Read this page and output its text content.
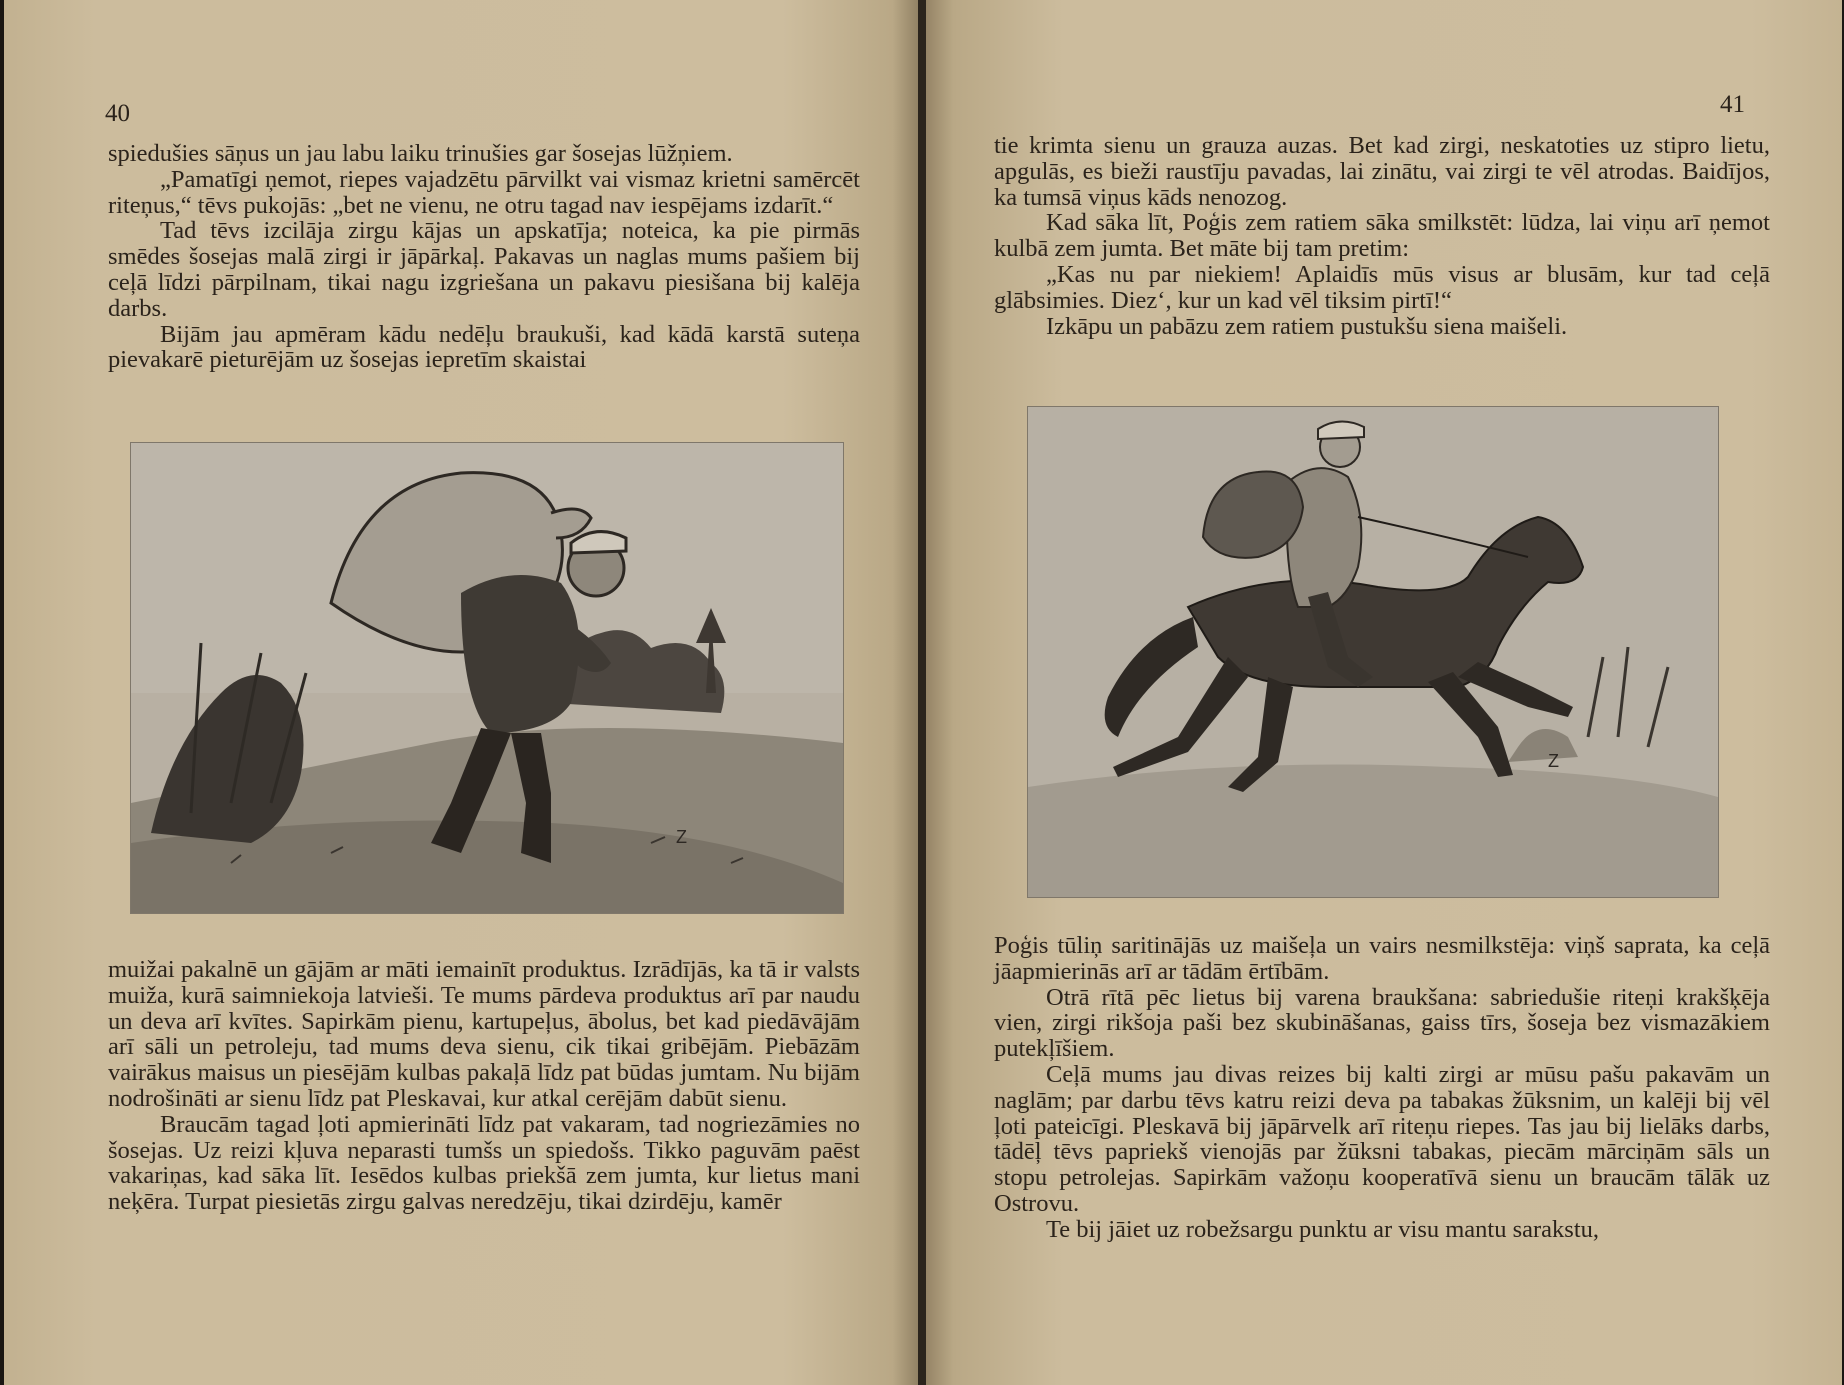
40

spiedušies sāņus un jau labu laiku trinušies gar šosejas lūžņiem.

„Pamatīgi ņemot, riepes vajadzētu pārvilkt vai vismaz krietni samērcēt riteņus,“ tēvs pukojās: „bet ne vienu, ne otru tagad nav iespējams izdarīt.“

Tad tēvs izcilāja zirgu kājas un apskatīja; noteica, ka pie pirmās smēdes šosejas malā zirgi ir jāpārkaļ. Pakavas un naglas mums pašiem bij ceļā līdzi pārpilnam, tikai nagu izgriešana un pakavu piesišana bij kalēja darbs.

Bijām jau apmēram kādu nedēļu braukuši, kad kādā karstā suteņa pievakarē pieturējām uz šosejas iepretīm skaistai

Z

muižai pakalnē un gājām ar māti iemainīt produktus. Izrādījās, ka tā ir valsts muiža, kurā saimniekoja latvieši. Te mums pārdeva produktus arī par naudu un deva arī kvītes. Sapirkām pienu, kartupeļus, ābolus, bet kad piedāvājām arī sāli un petroleju, tad mums deva sienu, cik tikai gribējām. Piebāzām vairākus maisus un piesējām kulbas pakaļā līdz pat būdas jumtam. Nu bijām nodrošināti ar sienu līdz pat Pleskavai, kur atkal cerējām dabūt sienu.

Braucām tagad ļoti apmierināti līdz pat vakaram, tad nogriezāmies no šosejas. Uz reizi kļuva neparasti tumšs un spiedošs. Tikko paguvām paēst vakariņas, kad sāka līt. Iesēdos kulbas priekšā zem jumta, kur lietus mani neķēra. Turpat piesietās zirgu galvas neredzēju, tikai dzirdēju, kamēr

41

tie krimta sienu un grauza auzas. Bet kad zirgi, neskatoties uz stipro lietu, apgulās, es bieži raustīju pavadas, lai zinātu, vai zirgi te vēl atrodas. Baidījos, ka tumsā viņus kāds nenozog.

Kad sāka līt, Poģis zem ratiem sāka smilkstēt: lūdza, lai viņu arī ņemot kulbā zem jumta. Bet māte bij tam pretim:

„Kas nu par niekiem! Aplaidīs mūs visus ar blusām, kur tad ceļā glābsimies. Diez‘, kur un kad vēl tiksim pirtī!“

Izkāpu un pabāzu zem ratiem pustukšu siena maišeli.

Z

Poģis tūliņ saritinājās uz maišeļa un vairs nesmilkstēja: viņš saprata, ka ceļā jāapmierinās arī ar tādām ērtībām.

Otrā rītā pēc lietus bij varena braukšana: sabriedušie riteņi krakšķēja vien, zirgi rikšoja paši bez skubināšanas, gaiss tīrs, šoseja bez vismazākiem putekļīšiem.

Ceļā mums jau divas reizes bij kalti zirgi ar mūsu pašu pakavām un naglām; par darbu tēvs katru reizi deva pa tabakas žūksnim, un kalēji bij vēl ļoti pateicīgi. Pleskavā bij jāpārvelk arī riteņu riepes. Tas jau bij lielāks darbs, tādēļ tēvs papriekš vienojās par žūksni tabakas, piecām mārciņām sāls un stopu petrolejas. Sapirkām važoņu kooperatīvā sienu un braucām tālāk uz Ostrovu.

Te bij jāiet uz robežsargu punktu ar visu mantu sarakstu,
